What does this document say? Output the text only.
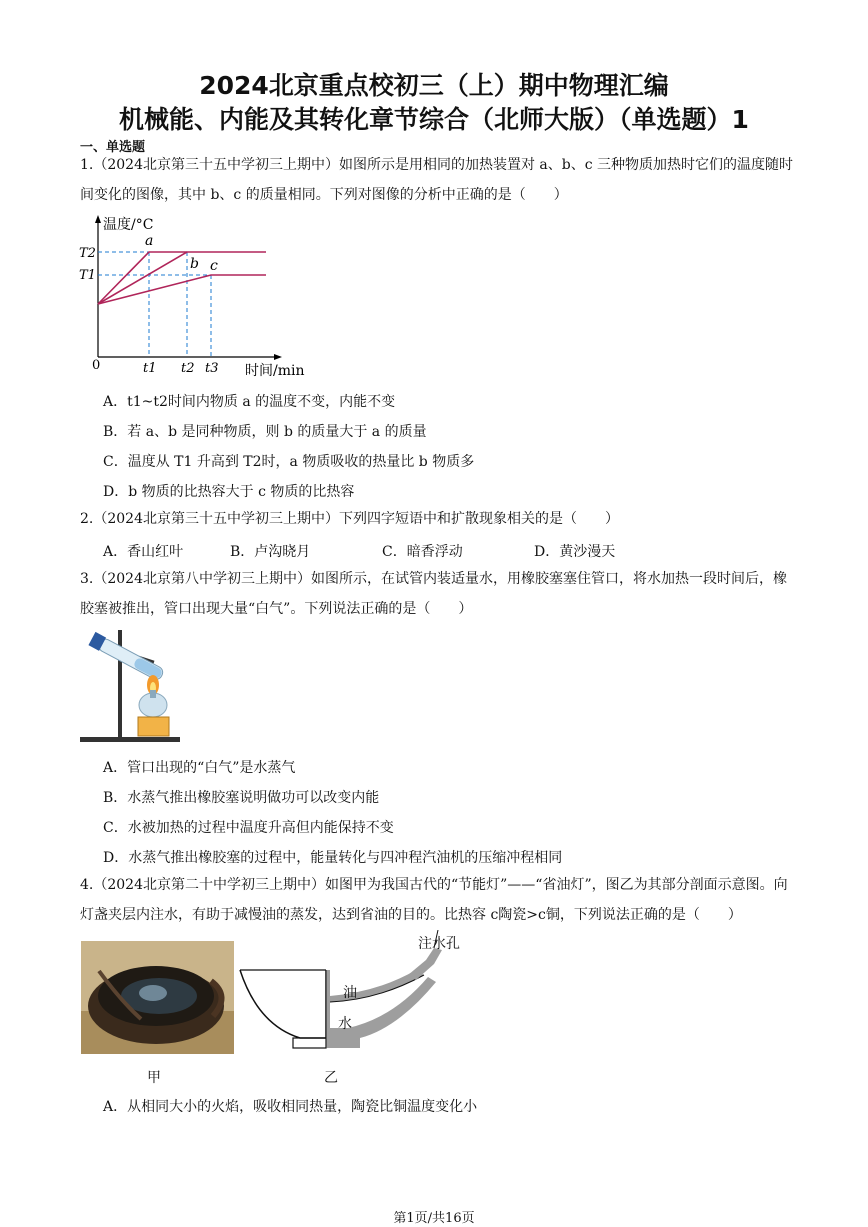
2024北京重点校初三（上）期中物理汇编
机械能、内能及其转化章节综合（北师大版）（单选题）1
一、单选题
1.（2024北京第三十五中学初三上期中）如图所示是用相同的加热装置对 a、b、c 三种物质加热时它们的温度随时间变化的图像，其中 b、c 的质量相同。下列对图像的分析中正确的是（　　）
温度/°C
时间/min
0
T2
T1
t1 t2 t3
a
b c
A．t1~t2时间内物质 a 的温度不变，内能不变
B．若 a、b 是同种物质，则 b 的质量大于 a 的质量
C．温度从 T1 升高到 T2时，a 物质吸收的热量比 b 物质多
D．b 物质的比热容大于 c 物质的比热容
2.（2024北京第三十五中学初三上期中）下列四字短语中和扩散现象相关的是（　　）
A．香山红叶	B．卢沟晓月	C．暗香浮动	D．黄沙漫天
3.（2024北京第八中学初三上期中）如图所示，在试管内装适量水，用橡胶塞塞住管口，将水加热一段时间后，橡胶塞被推出，管口出现大量“白气”。下列说法正确的是（　　）
A．管口出现的“白气”是水蒸气
B．水蒸气推出橡胶塞说明做功可以改变内能
C．水被加热的过程中温度升高但内能保持不变
D．水蒸气推出橡胶塞的过程中，能量转化与四冲程汽油机的压缩冲程相同
4.（2024北京第二十中学初三上期中）如图甲为我国古代的“节能灯”——“省油灯”，图乙为其部分剖面示意图。向灯盏夹层内注水，有助于减慢油的蒸发，达到省油的目的。比热容 c陶瓷>c铜，下列说法正确的是（　　）
甲
注水孔
油
水
乙
A．从相同大小的火焰，吸收相同热量，陶瓷比铜温度变化小
第1页/共16页
